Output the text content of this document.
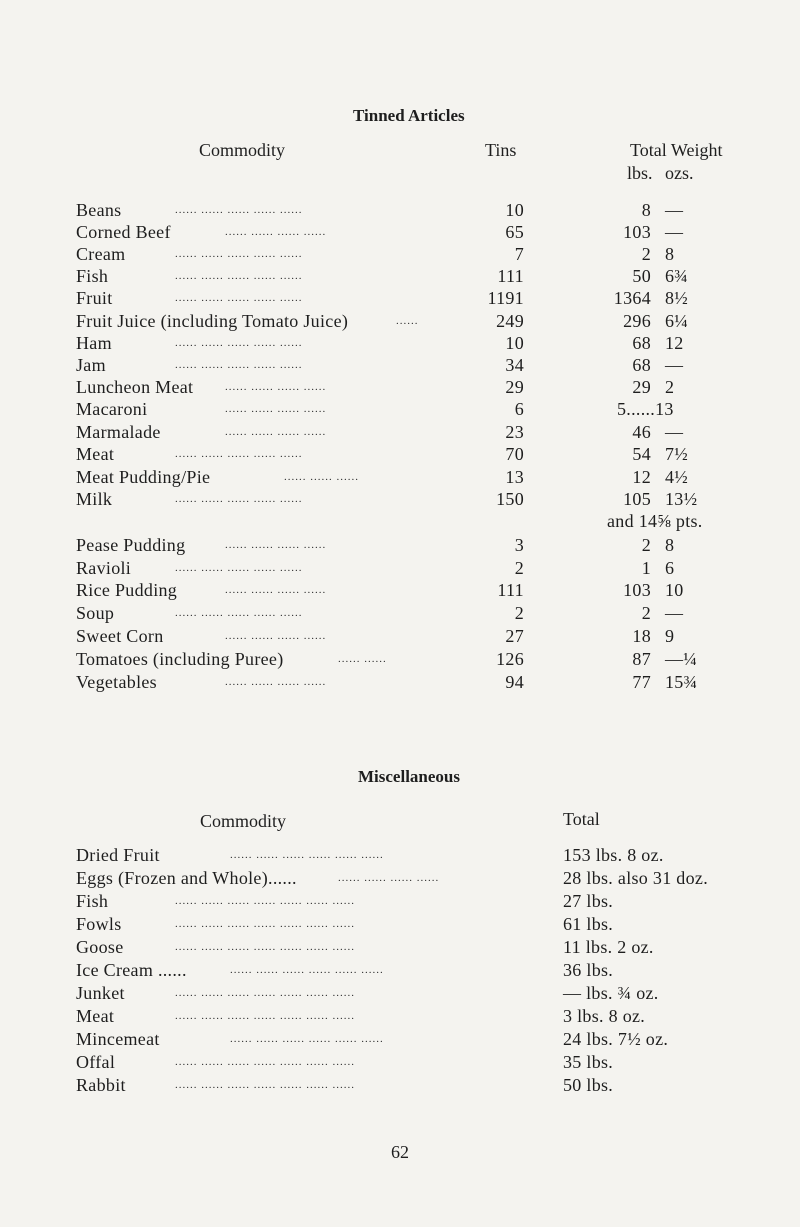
Tinned Articles
Commodity	Tins	Total Weight
lbs. ozs.
Beans	...... ...... ...... ...... ......	10	8 —
Corned Beef	...... ...... ...... ......	65	103 —
Cream	...... ...... ...... ...... ......	7	2 8
Fish	...... ...... ...... ...... ......	111	50 6¾
Fruit	...... ...... ...... ...... ......	1191	1364 8½
Fruit Juice (including Tomato Juice)	......	249	296 6¼
Ham	...... ...... ...... ...... ......	10	68 12
Jam	...... ...... ...... ...... ......	34	68 —
Luncheon Meat	...... ...... ...... ......	29	29 2
Macaroni	...... ...... ...... ......	6	5......13
Marmalade	...... ...... ...... ......	23	46 —
Meat	...... ...... ...... ...... ......	70	54 7½
Meat Pudding/Pie	...... ...... ......	13	12 4½
Milk	...... ...... ...... ...... ......	150	105 13½
and 14⅝ pts.
Pease Pudding	...... ...... ...... ......	3	2 8
Ravioli	...... ...... ...... ...... ......	2	1 6
Rice Pudding	...... ...... ...... ......	111	103 10
Soup	...... ...... ...... ...... ......	2	2 —
Sweet Corn	...... ...... ...... ......	27	18 9
Tomatoes (including Puree)	...... ......	126	87 —¼
Vegetables	...... ...... ...... ......	94	77 15¾
Miscellaneous
Commodity	Total
Dried Fruit	...... ...... ...... ...... ...... ......	153 lbs. 8 oz.
Eggs (Frozen and Whole)......	...... ...... ...... ......	28 lbs. also 31 doz.
Fish	...... ...... ...... ...... ...... ...... ......	27 lbs.
Fowls	...... ...... ...... ...... ...... ...... ......	61 lbs.
Goose	...... ...... ...... ...... ...... ...... ......	11 lbs. 2 oz.
Ice Cream ......	...... ...... ...... ...... ...... ......	36 lbs.
Junket	...... ...... ...... ...... ...... ...... ......	— lbs. ¾ oz.
Meat	...... ...... ...... ...... ...... ...... ......	3 lbs. 8 oz.
Mincemeat	...... ...... ...... ...... ...... ......	24 lbs. 7½ oz.
Offal	...... ...... ...... ...... ...... ...... ......	35 lbs.
Rabbit	...... ...... ...... ...... ...... ...... ......	50 lbs.
62
